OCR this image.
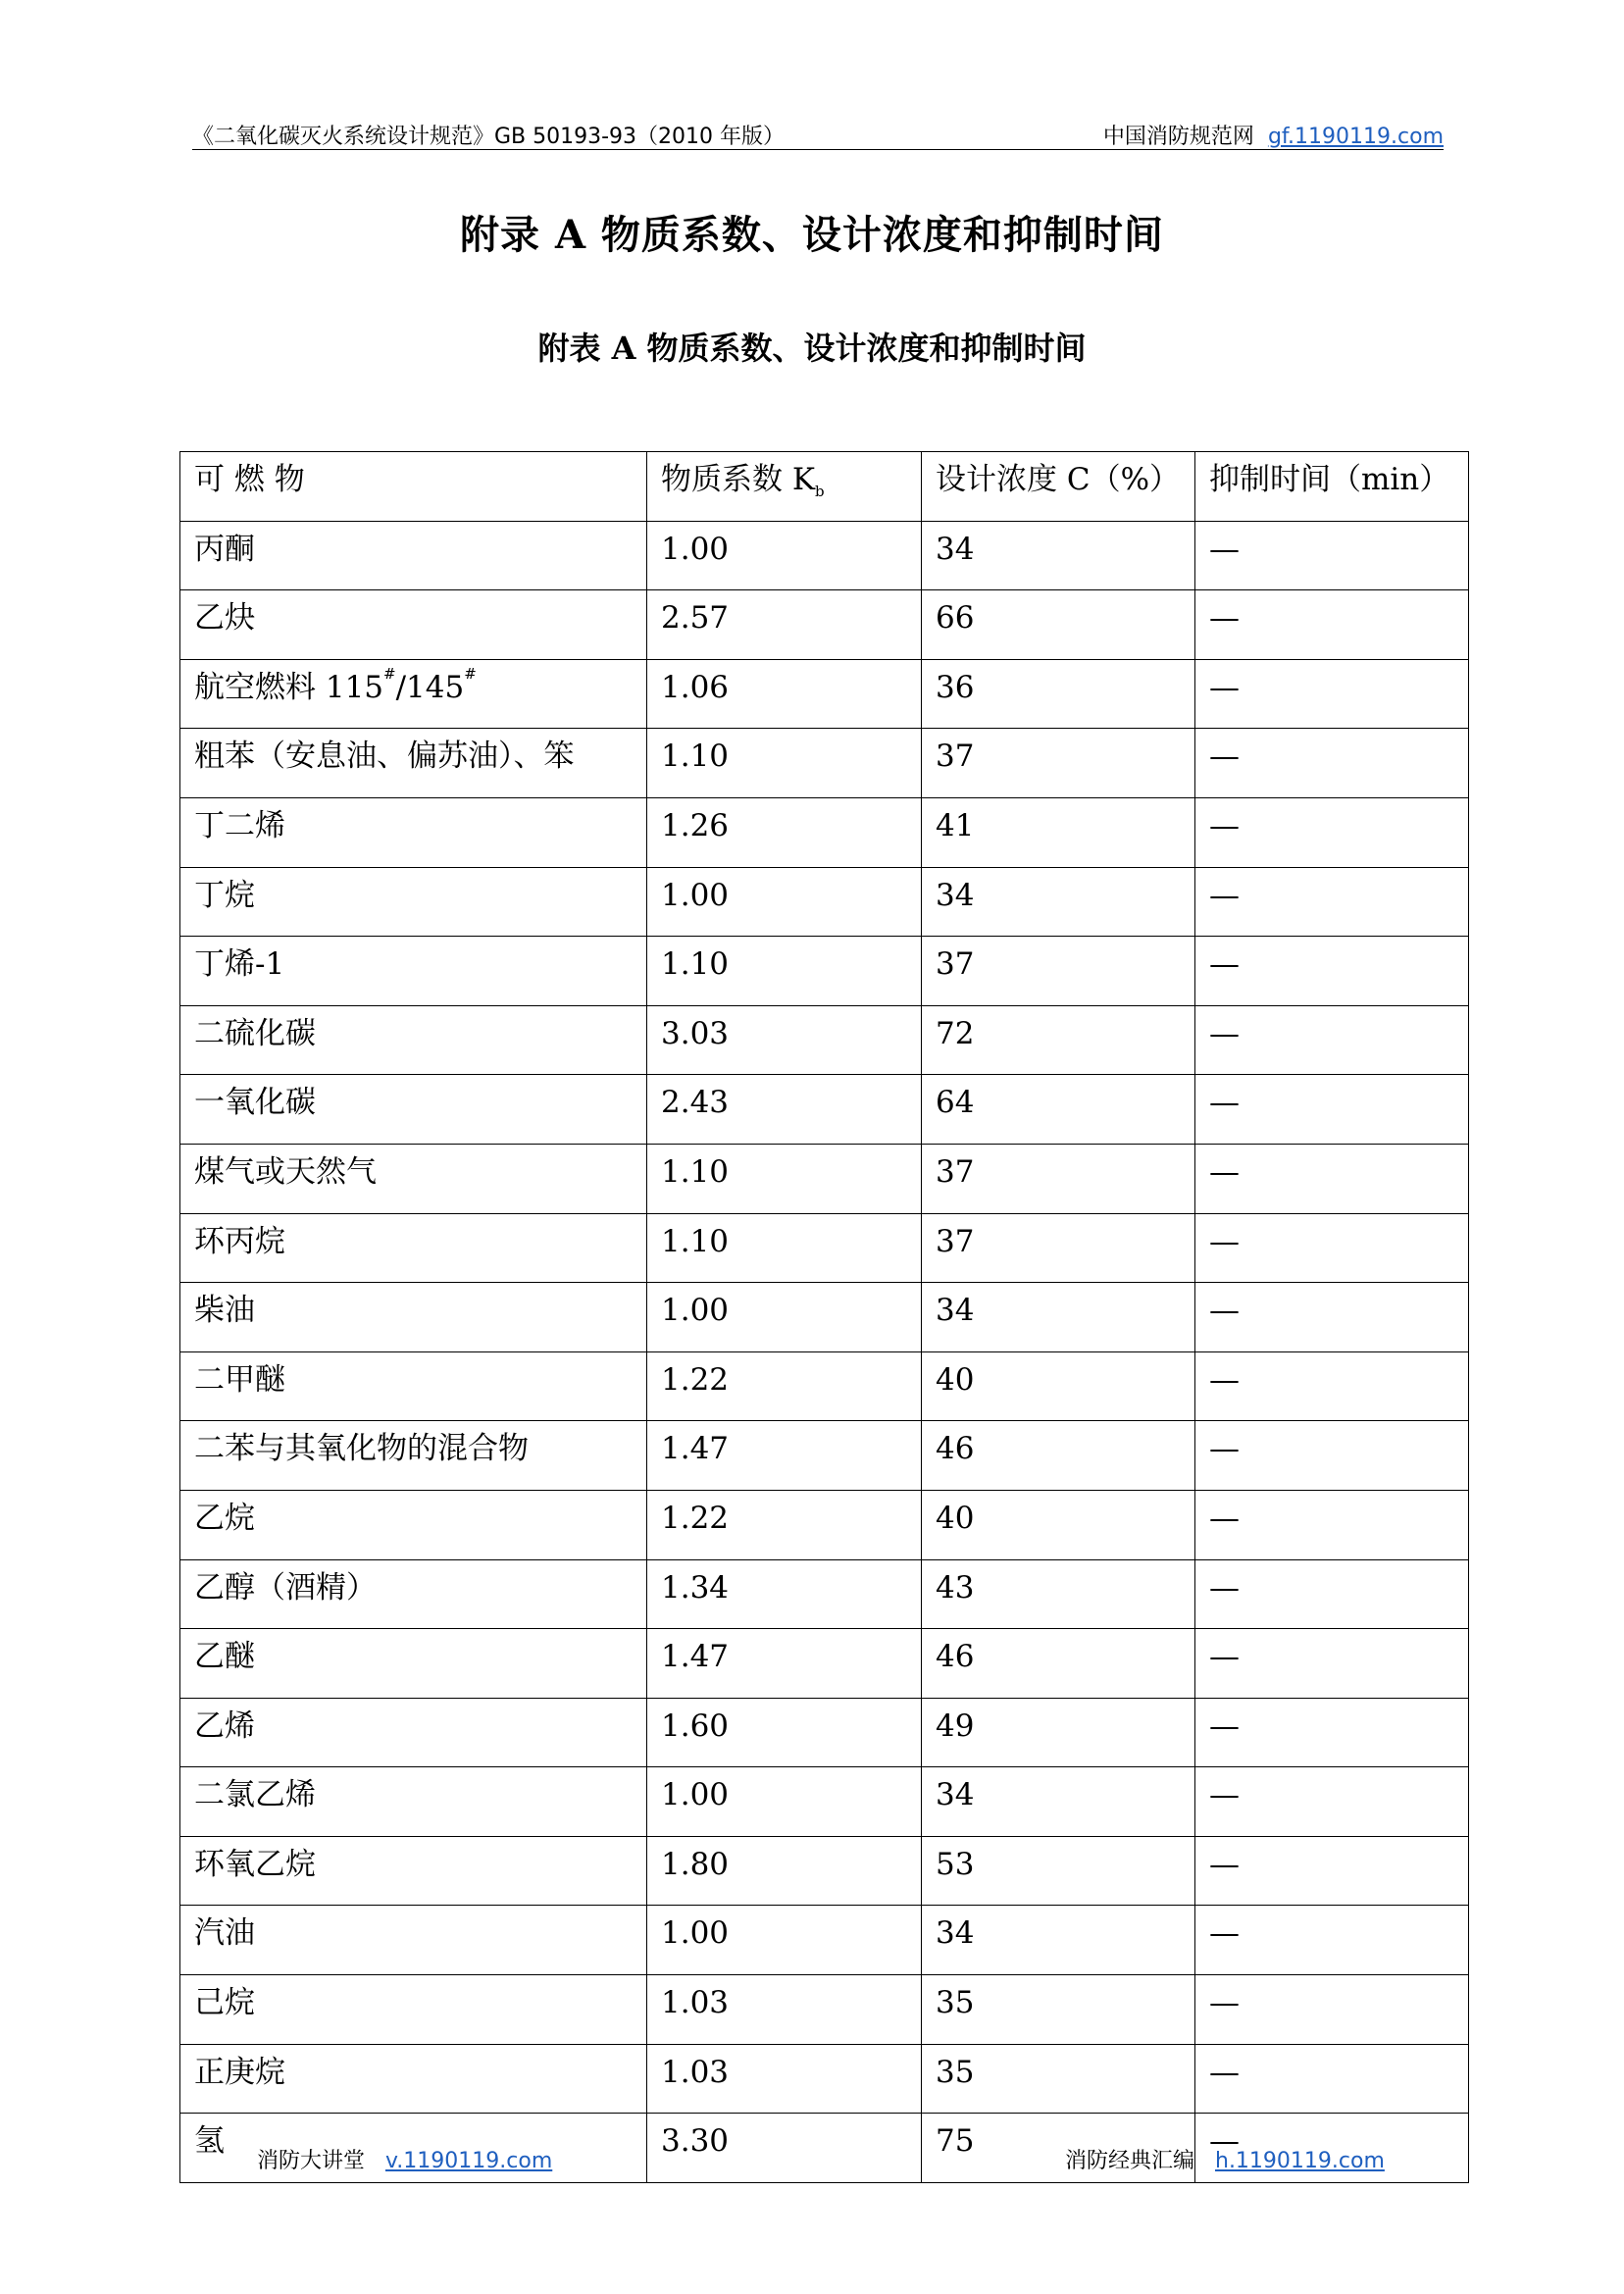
《二氧化碳灭火系统设计规范》GB 50193-93（2010 年版）	中国消防规范网 gf.1190119.com
附录 A 物质系数、设计浓度和抑制时间
附表 A 物质系数、设计浓度和抑制时间
可 燃 物	物质系数 $K_b$	设计浓度 C（%）	抑制时间（min）
丙酮	1.00	34	—
乙炔	2.57	66	—
航空燃料 115#/145#	1.06	36	—
粗苯（安息油、偏苏油）、笨	1.10	37	—
丁二烯	1.26	41	—
丁烷	1.00	34	—
丁烯-1	1.10	37	—
二硫化碳	3.03	72	—
一氧化碳	2.43	64	—
煤气或天然气	1.10	37	—
环丙烷	1.10	37	—
柴油	1.00	34	—
二甲醚	1.22	40	—
二苯与其氧化物的混合物	1.47	46	—
乙烷	1.22	40	—
乙醇（酒精）	1.34	43	—
乙醚	1.47	46	—
乙烯	1.60	49	—
二氯乙烯	1.00	34	—
环氧乙烷	1.80	53	—
汽油	1.00	34	—
己烷	1.03	35	—
正庚烷	1.03	35	—
氢	3.30	75	—
消防大讲堂 v.1190119.com	消防经典汇编 h.1190119.com
